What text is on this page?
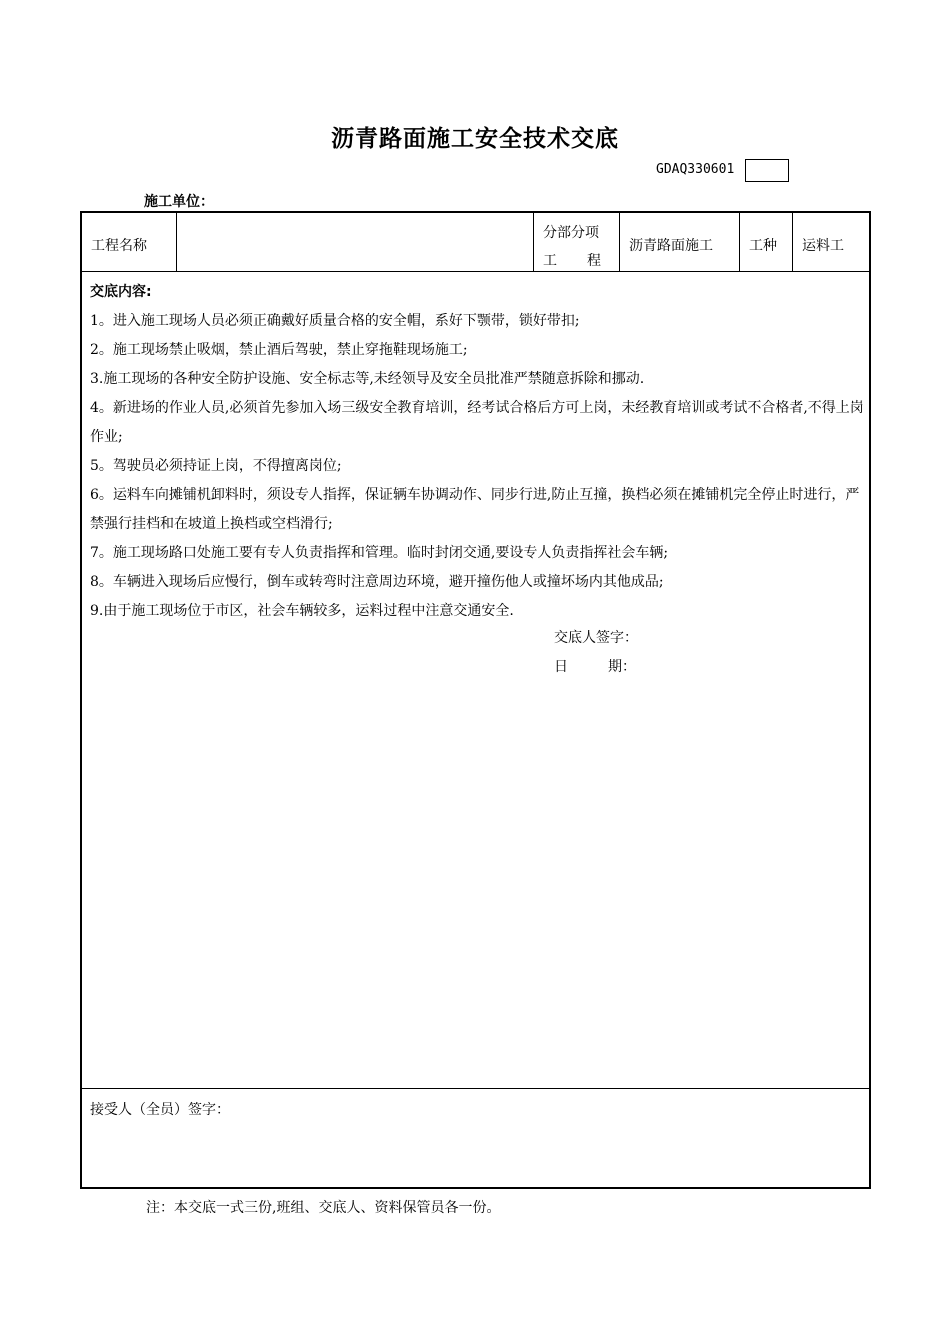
沥青路面施工安全技术交底
GDAQ330601
施工单位：
工程名称
分部分项
工 程
沥青路面施工	工种 运料工
交底内容:
1。进入施工现场人员必须正确戴好质量合格的安全帽，系好下颚带，锁好带扣;
2。施工现场禁止吸烟，禁止酒后驾驶，禁止穿拖鞋现场施工;
3.施工现场的各种安全防护设施、安全标志等,未经领导及安全员批准严禁随意拆除和挪动.
4。新进场的作业人员,必须首先参加入场三级安全教育培训，经考试合格后方可上岗，未经教育培训或考试不合格者,不得上岗作业;
5。驾驶员必须持证上岗，不得擅离岗位;
6。运料车向摊铺机卸料时，须设专人指挥，保证辆车协调动作、同步行进,防止互撞，换档必须在摊铺机完全停止时进行，严禁强行挂档和在坡道上换档或空档滑行;
7。施工现场路口处施工要有专人负责指挥和管理。临时封闭交通,要设专人负责指挥社会车辆;
8。车辆进入现场后应慢行，倒车或转弯时注意周边环境，避开撞伤他人或撞坏场内其他成品;
9.由于施工现场位于市区，社会车辆较多，运料过程中注意交通安全.
交底人签字：
日	期：
接受人（全员）签字：
注：本交底一式三份,班组、交底人、资料保管员各一份。
